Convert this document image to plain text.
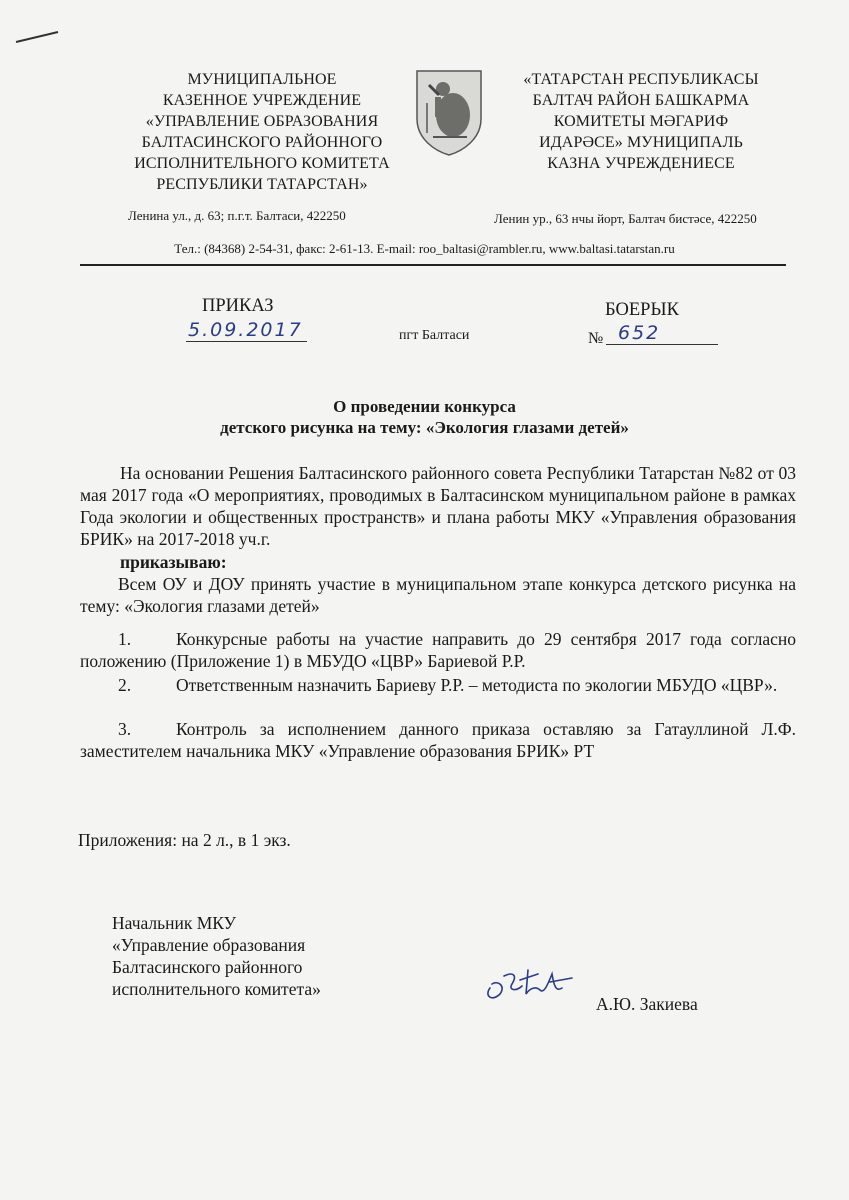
МУНИЦИПАЛЬНОЕ
КАЗЕННОЕ УЧРЕЖДЕНИЕ
«УПРАВЛЕНИЕ ОБРАЗОВАНИЯ
БАЛТАСИНСКОГО РАЙОННОГО
ИСПОЛНИТЕЛЬНОГО КОМИТЕТА
РЕСПУБЛИКИ ТАТАРСТАН»
«ТАТАРСТАН РЕСПУБЛИКАСЫ
БАЛТАЧ РАЙОН БАШКАРМА
КОМИТЕТЫ МӘГАРИФ
ИДАРӘСЕ» МУНИЦИПАЛЬ
КАЗНА УЧРЕЖДЕНИЕСЕ
Ленина ул., д. 63; п.г.т. Балтаси, 422250	Ленин ур., 63 нчы йорт, Балтач бистәсе, 422250
Тел.: (84368) 2-54-31, факс: 2-61-13. E-mail: roo_baltasi@rambler.ru, www.baltasi.tatarstan.ru
ПРИКАЗ
5.09.2017	пгт Балтаси
БОЕРЫК
№ 652
О проведении конкурса
детского рисунка на тему: «Экология глазами детей»
На основании Решения Балтасинского районного совета Республики Татарстан №82 от 03 мая 2017 года «О мероприятиях, проводимых в Балтасинском муниципальном районе в рамках Года экологии и общественных пространств» и плана работы МКУ «Управления образования БРИК» на 2017-2018 уч.г.
приказываю:
Всем ОУ и ДОУ принять участие в муниципальном этапе конкурса детского рисунка на тему: «Экология глазами детей»
1.	Конкурсные работы на участие направить до 29 сентября 2017 года согласно положению (Приложение 1) в МБУДО «ЦВР» Бариевой Р.Р.
2.	Ответственным назначить Бариеву Р.Р. – методиста по экологии МБУДО «ЦВР».
3.	Контроль за исполнением данного приказа оставляю за Гатауллиной Л.Ф. заместителем начальника МКУ «Управление образования БРИК» РТ
Приложения: на 2 л., в 1 экз.
Начальник МКУ
«Управление образования
Балтасинского районного
исполнительного комитета»
А.Ю. Закиева
